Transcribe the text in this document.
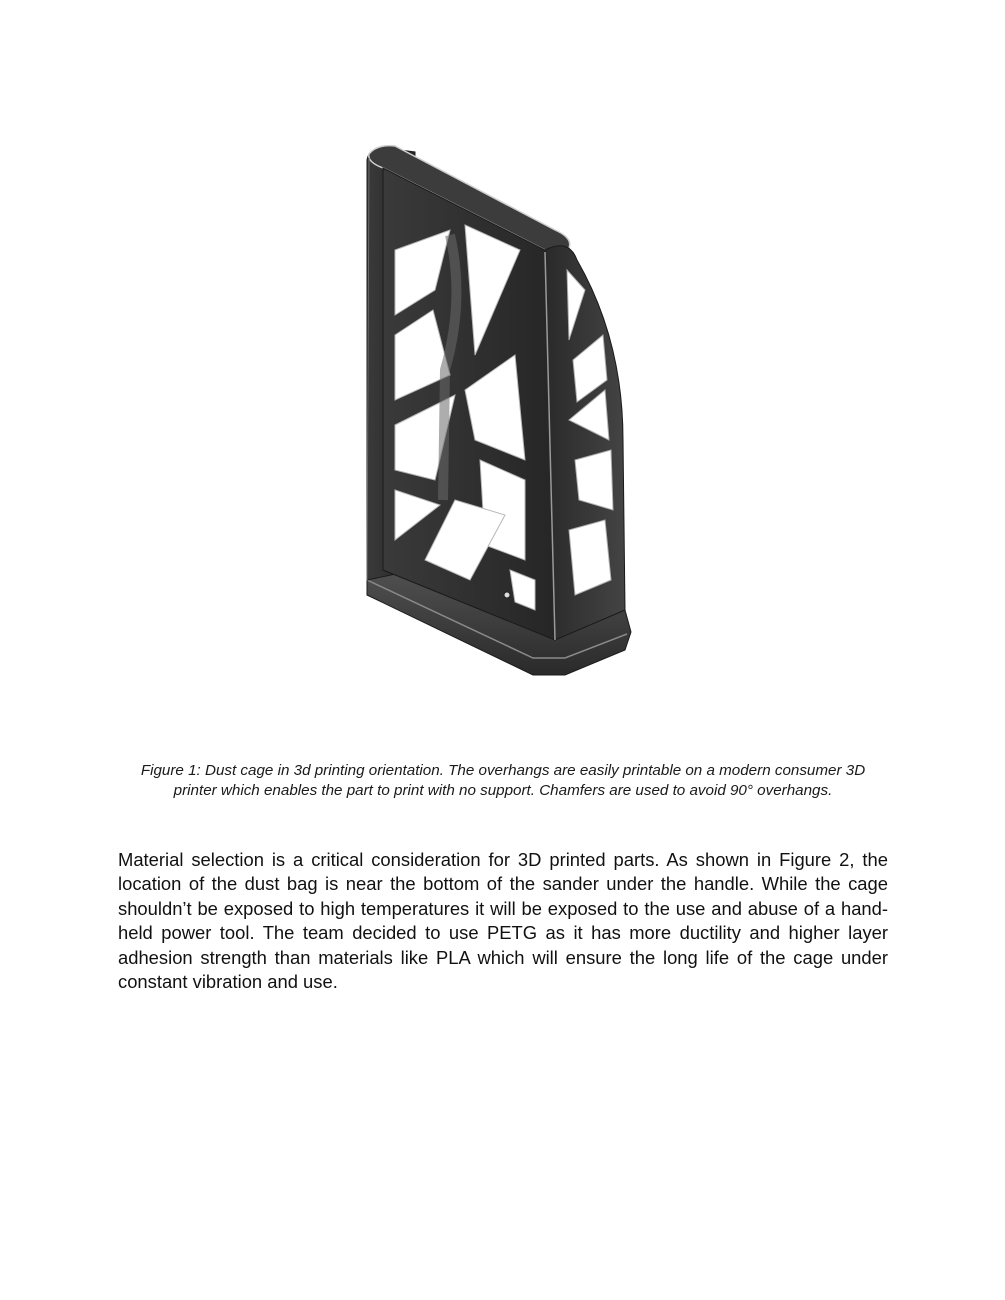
Figure 1: Dust cage in 3d printing orientation. The overhangs are easily printable on a modern consumer 3D printer which enables the part to print with no support. Chamfers are used to avoid 90° overhangs.
Material selection is a critical consideration for 3D printed parts. As shown in Figure 2, the location of the dust bag is near the bottom of the sander under the handle. While the cage shouldn’t be exposed to high temperatures it will be exposed to the use and abuse of a hand-held power tool. The team decided to use PETG as it has more ductility and higher layer adhesion strength than materials like PLA which will ensure the long life of the cage under constant vibration and use.
